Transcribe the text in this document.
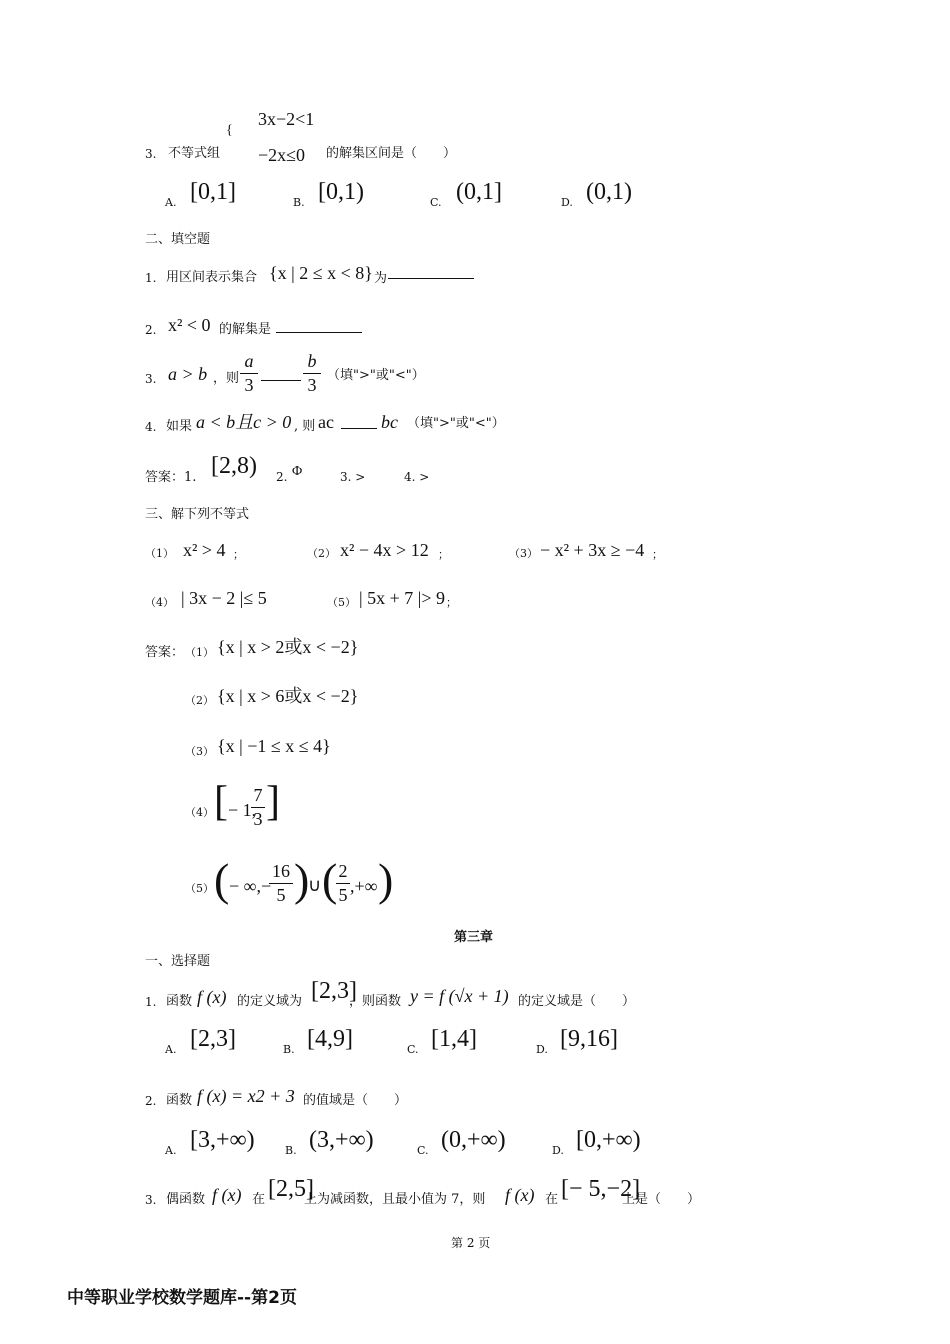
3x−2<1
{
3. 不等式组 −2x≤0 的解集区间是（　　）
A. [0,1]	B. [0,1)	C. (0,1]	D. (0,1)
二、填空题
1. 用区间表示集合 {x | 2 ≤ x < 8} 为
2. x² < 0 的解集是
3. a > b ，则
a
3
b
3 （填">"或"<"）
4. 如果 a < b且c > 0 , 则 ac	bc （填">"或"<"）
答案：1. [2,8) 2. Φ	3. >	4. >
三、解下列不等式
（1） x² > 4 ；	（2） x² − 4x > 12 ；	（3） − x² + 3x ≥ −4 ；
（4） | 3x − 2 |≤ 5	（5） | 5x + 7 |> 9 ；
答案： （1） {x | x > 2或x < −2}
（2） {x | x > 6或x < −2}
（3） {x | −1 ≤ x ≤ 4}
（4） [ − 1,
7
3 ]
（5） ( − ∞,−
16
5 )
∪ ( 2
5 ,+∞ )
第三章
一、选择题
1. 函数 f (x) 的定义域为 [2,3]
，则函数 y = f (√x + 1) 的定义域是（　　）
A. [2,3]	B. [4,9]	C. [1,4]	D. [9,16]
2. 函数 f (x) = x2 + 3 的值域是（　　）
A. [3,+∞)	B. (3,+∞)	C. (0,+∞)	D. [0,+∞)
3. 偶函数 f (x) 在 [2,5]
上为减函数，且最小值为 7，则 f (x) 在 [− 5,−2]
上是（　　）
第 2 页
中等职业学校数学题库--第2页
